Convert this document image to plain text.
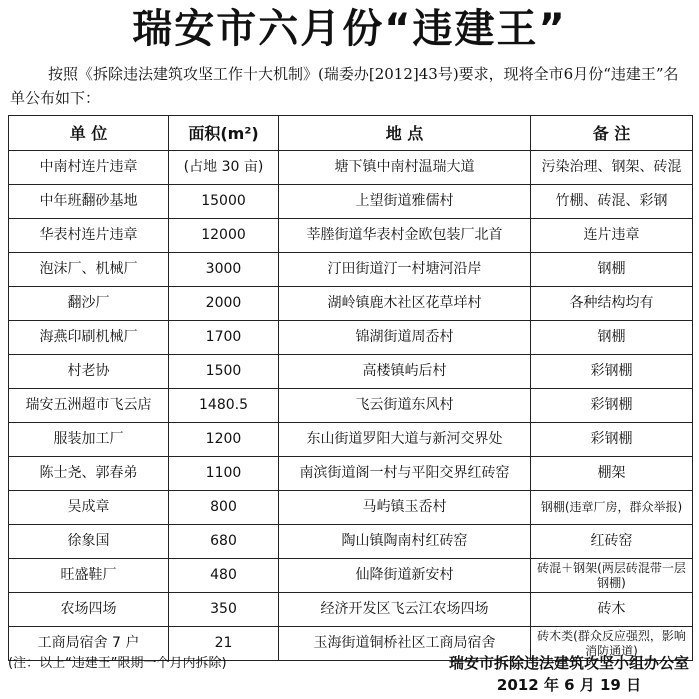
瑞安市六月份“违建王”
按照《拆除违法建筑攻坚工作十大机制》(瑞委办[2012]43号)要求，现将全市6月份“违建王”名单公布如下：
单 位	面积(m²)	地 点	备 注
中南村连片违章	(占地 30 亩)	塘下镇中南村温瑞大道	污染治理、钢架、砖混
中年班翻砂基地	15000	上望街道雅儒村	竹棚、砖混、彩钢
华表村连片违章	12000	莘塍街道华表村金欧包装厂北首	连片违章
泡沫厂、机械厂	3000	汀田街道汀一村塘河沿岸	钢棚
翻沙厂	2000	湖岭镇鹿木社区花草垟村	各种结构均有
海燕印刷机械厂	1700	锦湖街道周岙村	钢棚
村老协	1500	高楼镇屿后村	彩钢棚
瑞安五洲超市飞云店	1480.5	飞云街道东风村	彩钢棚
服装加工厂	1200	东山街道罗阳大道与新河交界处	彩钢棚
陈士尧、郭春弟	1100	南滨街道阁一村与平阳交界红砖窑	棚架
吴成章	800	马屿镇玉岙村	钢棚(违章厂房，群众举报)
徐象国	680	陶山镇陶南村红砖窑	红砖窑
旺盛鞋厂	480	仙降街道新安村	砖混＋钢架(两层砖混带一层钢棚)
农场四场	350	经济开发区飞云江农场四场	砖木
工商局宿舍 7 户	21	玉海街道铜桥社区工商局宿舍	砖木类(群众反应强烈，影响消防通道)
(注：以上“违建王”限期一个月内拆除)	瑞安市拆除违法建筑攻坚小组办公室
2012 年 6 月 19 日
